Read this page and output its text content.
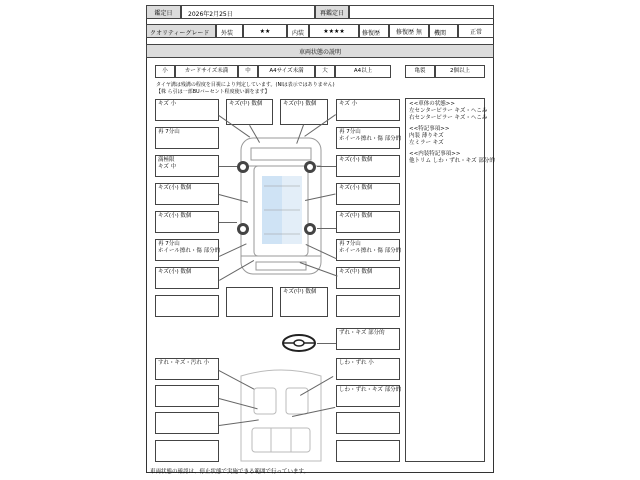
鑑定日	2026年2月25日	再鑑定日
クオリティーグレード	外装	★★	内装	★★★★	修復歴	修復歴 無	機関	正常
車両状態の説明
小	カードサイズ未満	中	A4サイズ未満	大	A4以上	亀裂	2個以上
タイヤ溝は残溝の程度を目視により判定しています。(NIは表示ではありません)
【株 ら引は一部BUバーセント程度使い調をます】
<<車体の状態>>
左センターピラー キズ・へこみ
右センターピラー キズ・へこみ
<<特記事項>>
内装 薄りキズ
左ミラー キズ
<<内装特記事項>>
他トリム しわ・ずれ・キズ 部分的
キズ 小	キズ(中) 数個	キズ(中) 数個	キズ 小
再 7分山	再 7分山
ホイール擦れ・傷 部分的
満極限
キズ 中
キズ(小) 数個
キズ(小) 数個	キズ(小) 数個
キズ(小) 数個	キズ(中) 数個
再 7分山
ホイール擦れ・傷 部分的
再 7分山
ホイール擦れ・傷 部分的
キズ(小) 数個	キズ(中) 数個
キズ(中) 数個
ずれ・キズ 部分的
すれ・キズ・汚れ 小	しわ・ずれ 小
しわ・ずれ・キズ 部分的
車両状態の確認は、停止状態で実施できる範囲で行っています。
